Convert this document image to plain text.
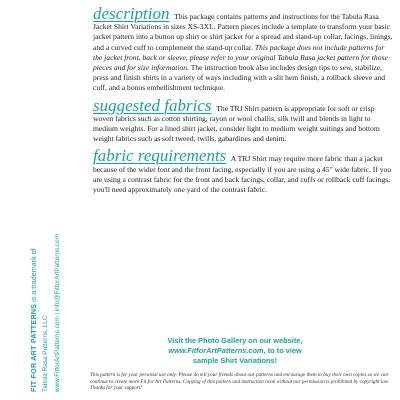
FIT FOR ART PATTERNS is a trademark of
Tabula Rasa Patterns, LLC www.FitforArtPatterns.com | info@FitforArtPatterns.com

description This package contains patterns and instructions for the Tabula Rasa Jacket Shirt Variations in sizes XS-3XL. Pattern pieces include a template to transform your basic jacket pattern into a button up shirt or shirt jacket for a spread and stand-up collar, facings, linings, and a curved cuff to complement the stand-up collar. This package does not include patterns for the jacket front, back or sleeve, please refer to your original Tabula Rasa jacket pattern for those pieces and for size information. The instruction book also includes design tips to sew, stabilize, press and finish shirts in a variety of ways including with a slit hem finish, a rollback sleeve and cuff, and a bonus embellishment technique.

suggested fabrics The TRJ Shirt pattern is appropriate for soft or crisp woven fabrics such as cotton shirting, rayon or wool challis, silk twill and blends in light to medium weights. For a lined shirt jacket, consider light to medium weight suitings and bottom weight fabrics such as soft tweed, twills, gabardines and denim.

fabric requirements A TRJ Shirt may require more fabric than a jacket because of the wider font and the front facing, especially if you are using a 45" wide fabric. If you are using a contrast fabric for the front and back facings, collar, and cuffs or rollback cuff facings, you'll need approximately one yard of the contrast fabric.

Visit the Photo Gallery on our website,
www.FitforArtPatterns.com, to to view
sample Shirt Variations!
This pattern is for your personal use only. Please do tell your friends about our patterns and encourage them to buy their own copies so we can continue to create more Fit for Art Patterns. Copying of this pattern and instruction book without our permission is prohibited by copyright law. Thanks for your support!
